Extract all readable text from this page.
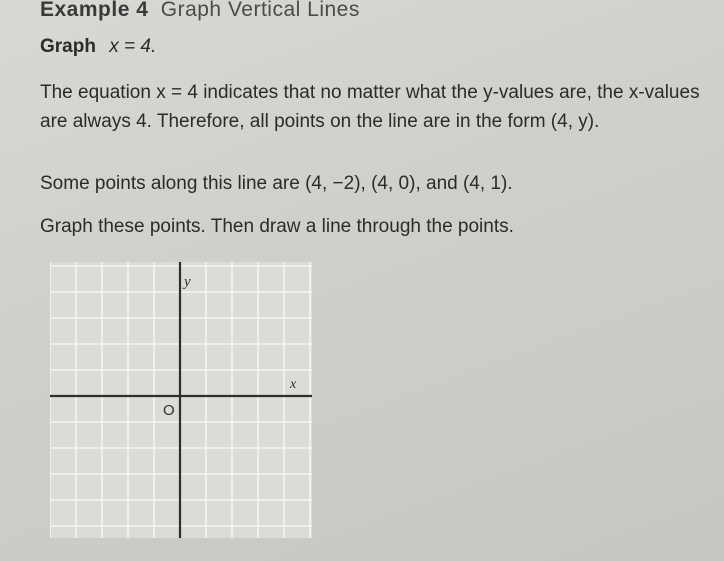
Example 4 Graph Vertical Lines
Graph x = 4.
The equation x = 4 indicates that no matter what the y-values are, the x-values are always 4. Therefore, all points on the line are in the form (4, y).
Some points along this line are (4, −2), (4, 0), and (4, 1).
Graph these points. Then draw a line through the points.
y
x
O
